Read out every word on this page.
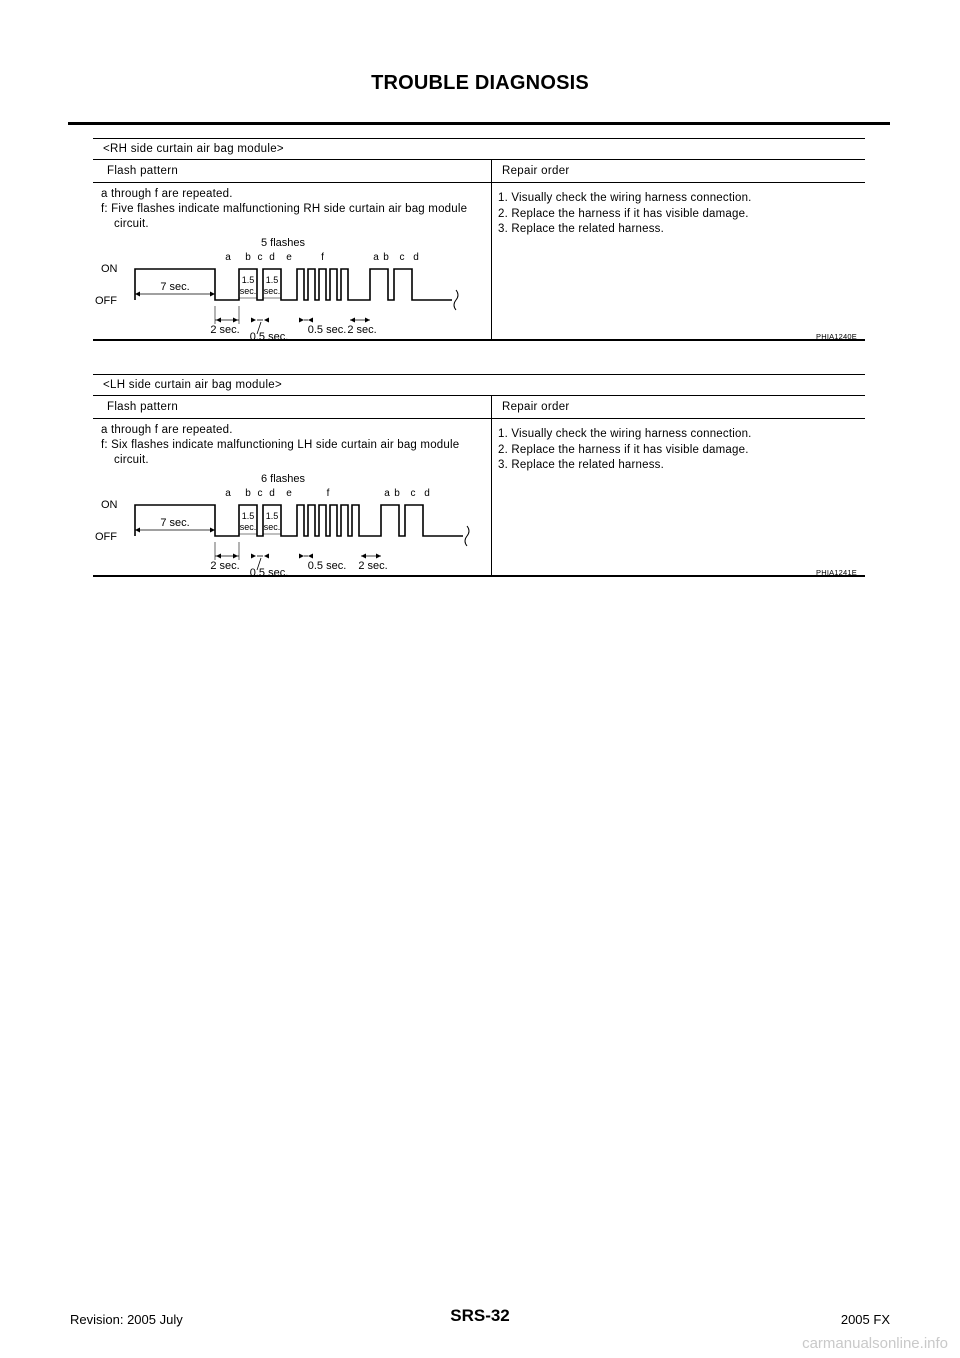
TROUBLE DIAGNOSIS
<RH side curtain air bag module>
Flash pattern	Repair order
a through f are repeated.
f: Five flashes indicate malfunctioning RH side curtain air bag module circuit.
1. Visually check the wiring harness connection.
2. Replace the harness if it has visible damage.
3. Replace the related harness.
ON
OFF
5 flashes
a b c d e	f	a b c d
7 sec.
1.5
sec.
1.5
sec.
2 sec.
0.5 sec.
0.5 sec. 2 sec.
PHIA1240E
<LH side curtain air bag module>
Flash pattern	Repair order
a through f are repeated.
f: Six flashes indicate malfunctioning LH side curtain air bag module circuit.
1. Visually check the wiring harness connection.
2. Replace the harness if it has visible damage.
3. Replace the related harness.
ON
OFF
6 flashes
a b c d e	f	a b c d
7 sec.
1.5
sec.
1.5
sec.
2 sec.
0.5 sec.
0.5 sec. 2 sec.
PHIA1241E
Revision: 2005 July	SRS-32	2005 FX
carmanualsonline.info
